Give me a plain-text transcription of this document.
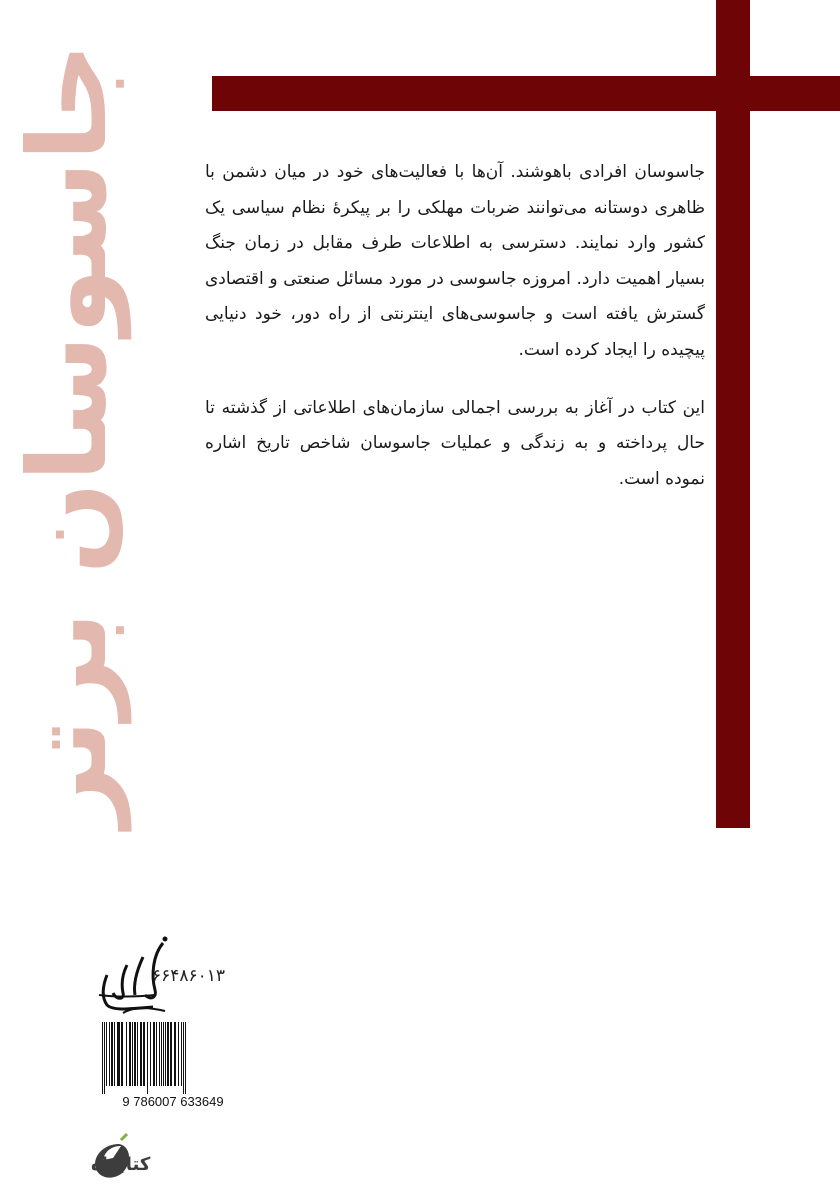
جاسوسان برتر	جاسوسان افرادی باهوشند. آن‌ها با فعالیت‌های خود در میان دشمن با ظاهری دوستانه می‌توانند ضربات مهلکی را بر پیکرهٔ نظام سیاسی یک کشور وارد نمایند. دسترسی به اطلاعات طرف مقابل در زمان جنگ بسیار اهمیت دارد. امروزه جاسوسی در مورد مسائل صنعتی و اقتصادی گسترش یافته است و جاسوسی‌های اینترنتی از راه دور، خود دنیایی پیچیده را ایجاد کرده است.

این کتاب در آغاز به بررسی اجمالی سازمان‌های اطلاعاتی از گذشته تا حال پرداخته و به زندگی و عملیات جاسوسان شاخص تاریخ اشاره نموده است.

۶۶۴۸۶۰۱۳
9 786007 633649
کتابراه
